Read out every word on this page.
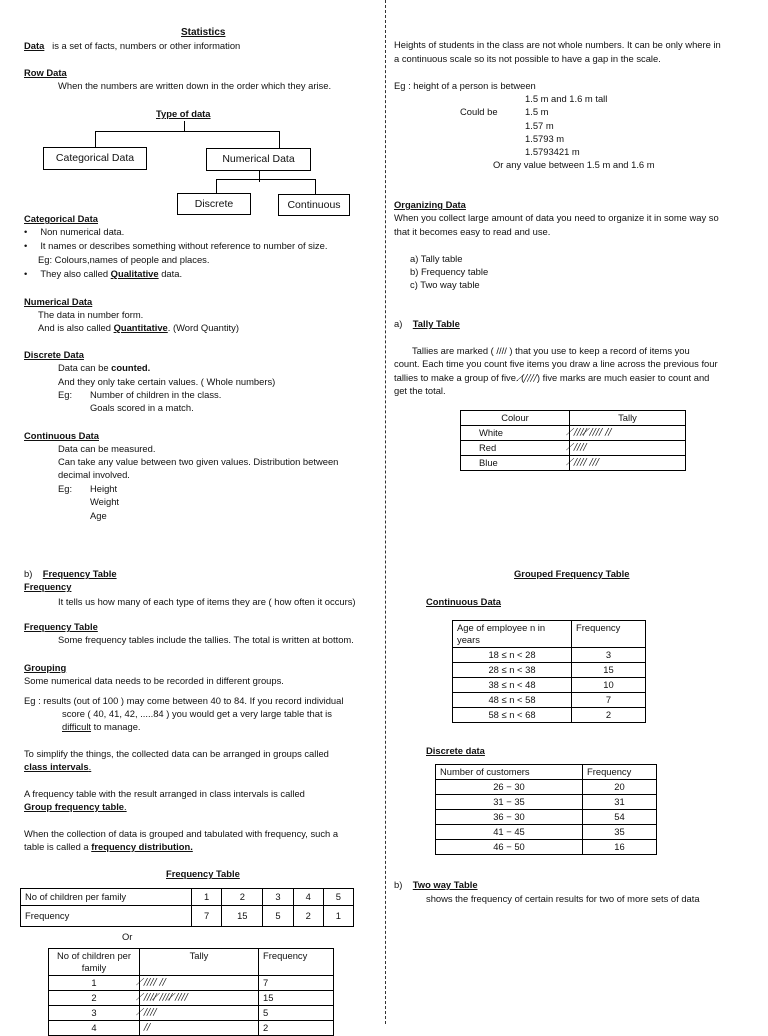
Statistics
Data is a set of facts, numbers or other information
Row Data
When the numbers are written down in the order which they arise.
Type of data
Categorical Data	Numerical Data
Discrete	Continuous
Categorical Data
•     Non numerical data.
•     It names or describes something without reference to number of size.
Eg: Colours,names of people and places.
•     They also called Qualitative data.
Numerical Data
The data in number form.
And is also called Quantitative. (Word Quantity)
Discrete Data
Data can be counted.
And they only take certain values. ( Whole numbers)
Eg: Number of children in the class.
Goals scored in a match.
Continuous Data
Data can be measured.
Can take any value between two given values. Distribution between
decimal involved.
Eg: Height
Weight
Age
b) Frequency Table
Frequency
It tells us how many of each type of items they are ( how often it occurs)
Frequency Table
Some frequency tables include the tallies. The total is written at bottom.
Grouping
Some numerical data needs to be recorded in different groups.
Eg : results (out of 100 ) may come between 40 to 84. If you record individual
score ( 40, 41, 42, .....84 ) you would get a very large table that is
difficult to manage.
To simplify the things, the collected data can be arranged in groups called
class intervals.
A frequency table with the result arranged in class intervals is called
Group frequency table.
When the collection of data is grouped and tabulated with frequency, such a
table is called a frequency distribution.
Frequency Table
No of children per family	1	2	3	4	5
Frequency	7	15	5	2	1
Or
No of children per family	Tally	Frequency
1	̸//// //	7
2	̸//// ̸//// ̸////	15
3	̸////	5
4	//	2
Heights of students in the class are not whole numbers. It can be only where in
a continuous scale so its not possible to have a gap in the scale.
Eg : height of a person is between
1.5 m and 1.6 m tall
Could be	1.5 m
1.57 m
1.5793 m
1.5793421 m
Or any value between 1.5 m and 1.6 m
Organizing Data
When you collect large amount of data you need to organize it in some way so
that it becomes easy to read and use.
a) Tally table
b) Frequency table
c) Two way table
a) Tally Table
Tallies are marked ( //// ) that you use to keep a record of items you
count. Each time you count five items you draw a line across the previous four
tallies to make a group of five. (̸////) five marks are much easier to count and
get the total.
Colour	Tally
White	̸//// ̸//// //
Red	̸////
Blue	̸//// ///
Grouped Frequency Table
Continuous Data
Age of employee n in years	Frequency
18 ≤ n < 28	3
28 ≤ n < 38	15
38 ≤ n < 48	10
48 ≤ n < 58	7
58 ≤ n < 68	2
Discrete data
Number of customers	Frequency
26 − 30	20
31 − 35	31
36 − 30	54
41 − 45	35
46 − 50	16
b) Two way Table
shows the frequency of certain results for two of more sets of data
